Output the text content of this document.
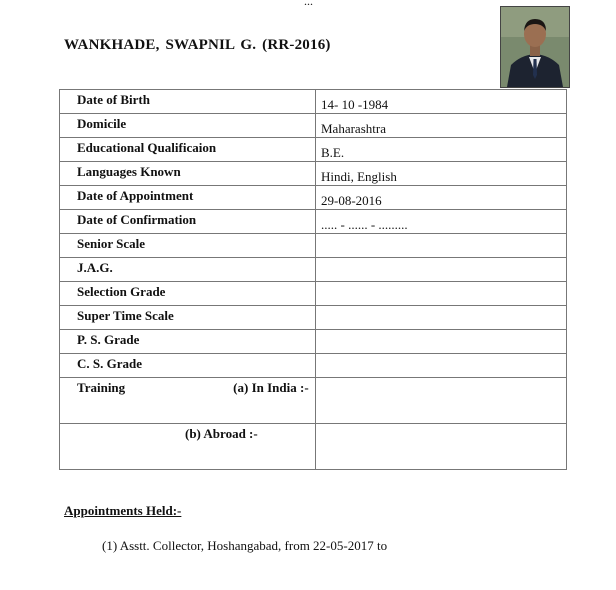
...
WANKHADE, SWAPNIL G. (RR-2016)
Date of Birth	14- 10 -1984
Domicile	Maharashtra
Educational Qualificaion	B.E.
Languages Known	Hindi, English
Date of Appointment	29-08-2016
Date of Confirmation	..... - ...... - .........
Senior Scale	
J.A.G.	
Selection Grade	
Super Time Scale	
P. S. Grade	
C. S. Grade	
Training (a) In India :-	
(b) Abroad :-	
Appointments Held:-
(1) Asstt. Collector, Hoshangabad, from 22-05-2017 to
